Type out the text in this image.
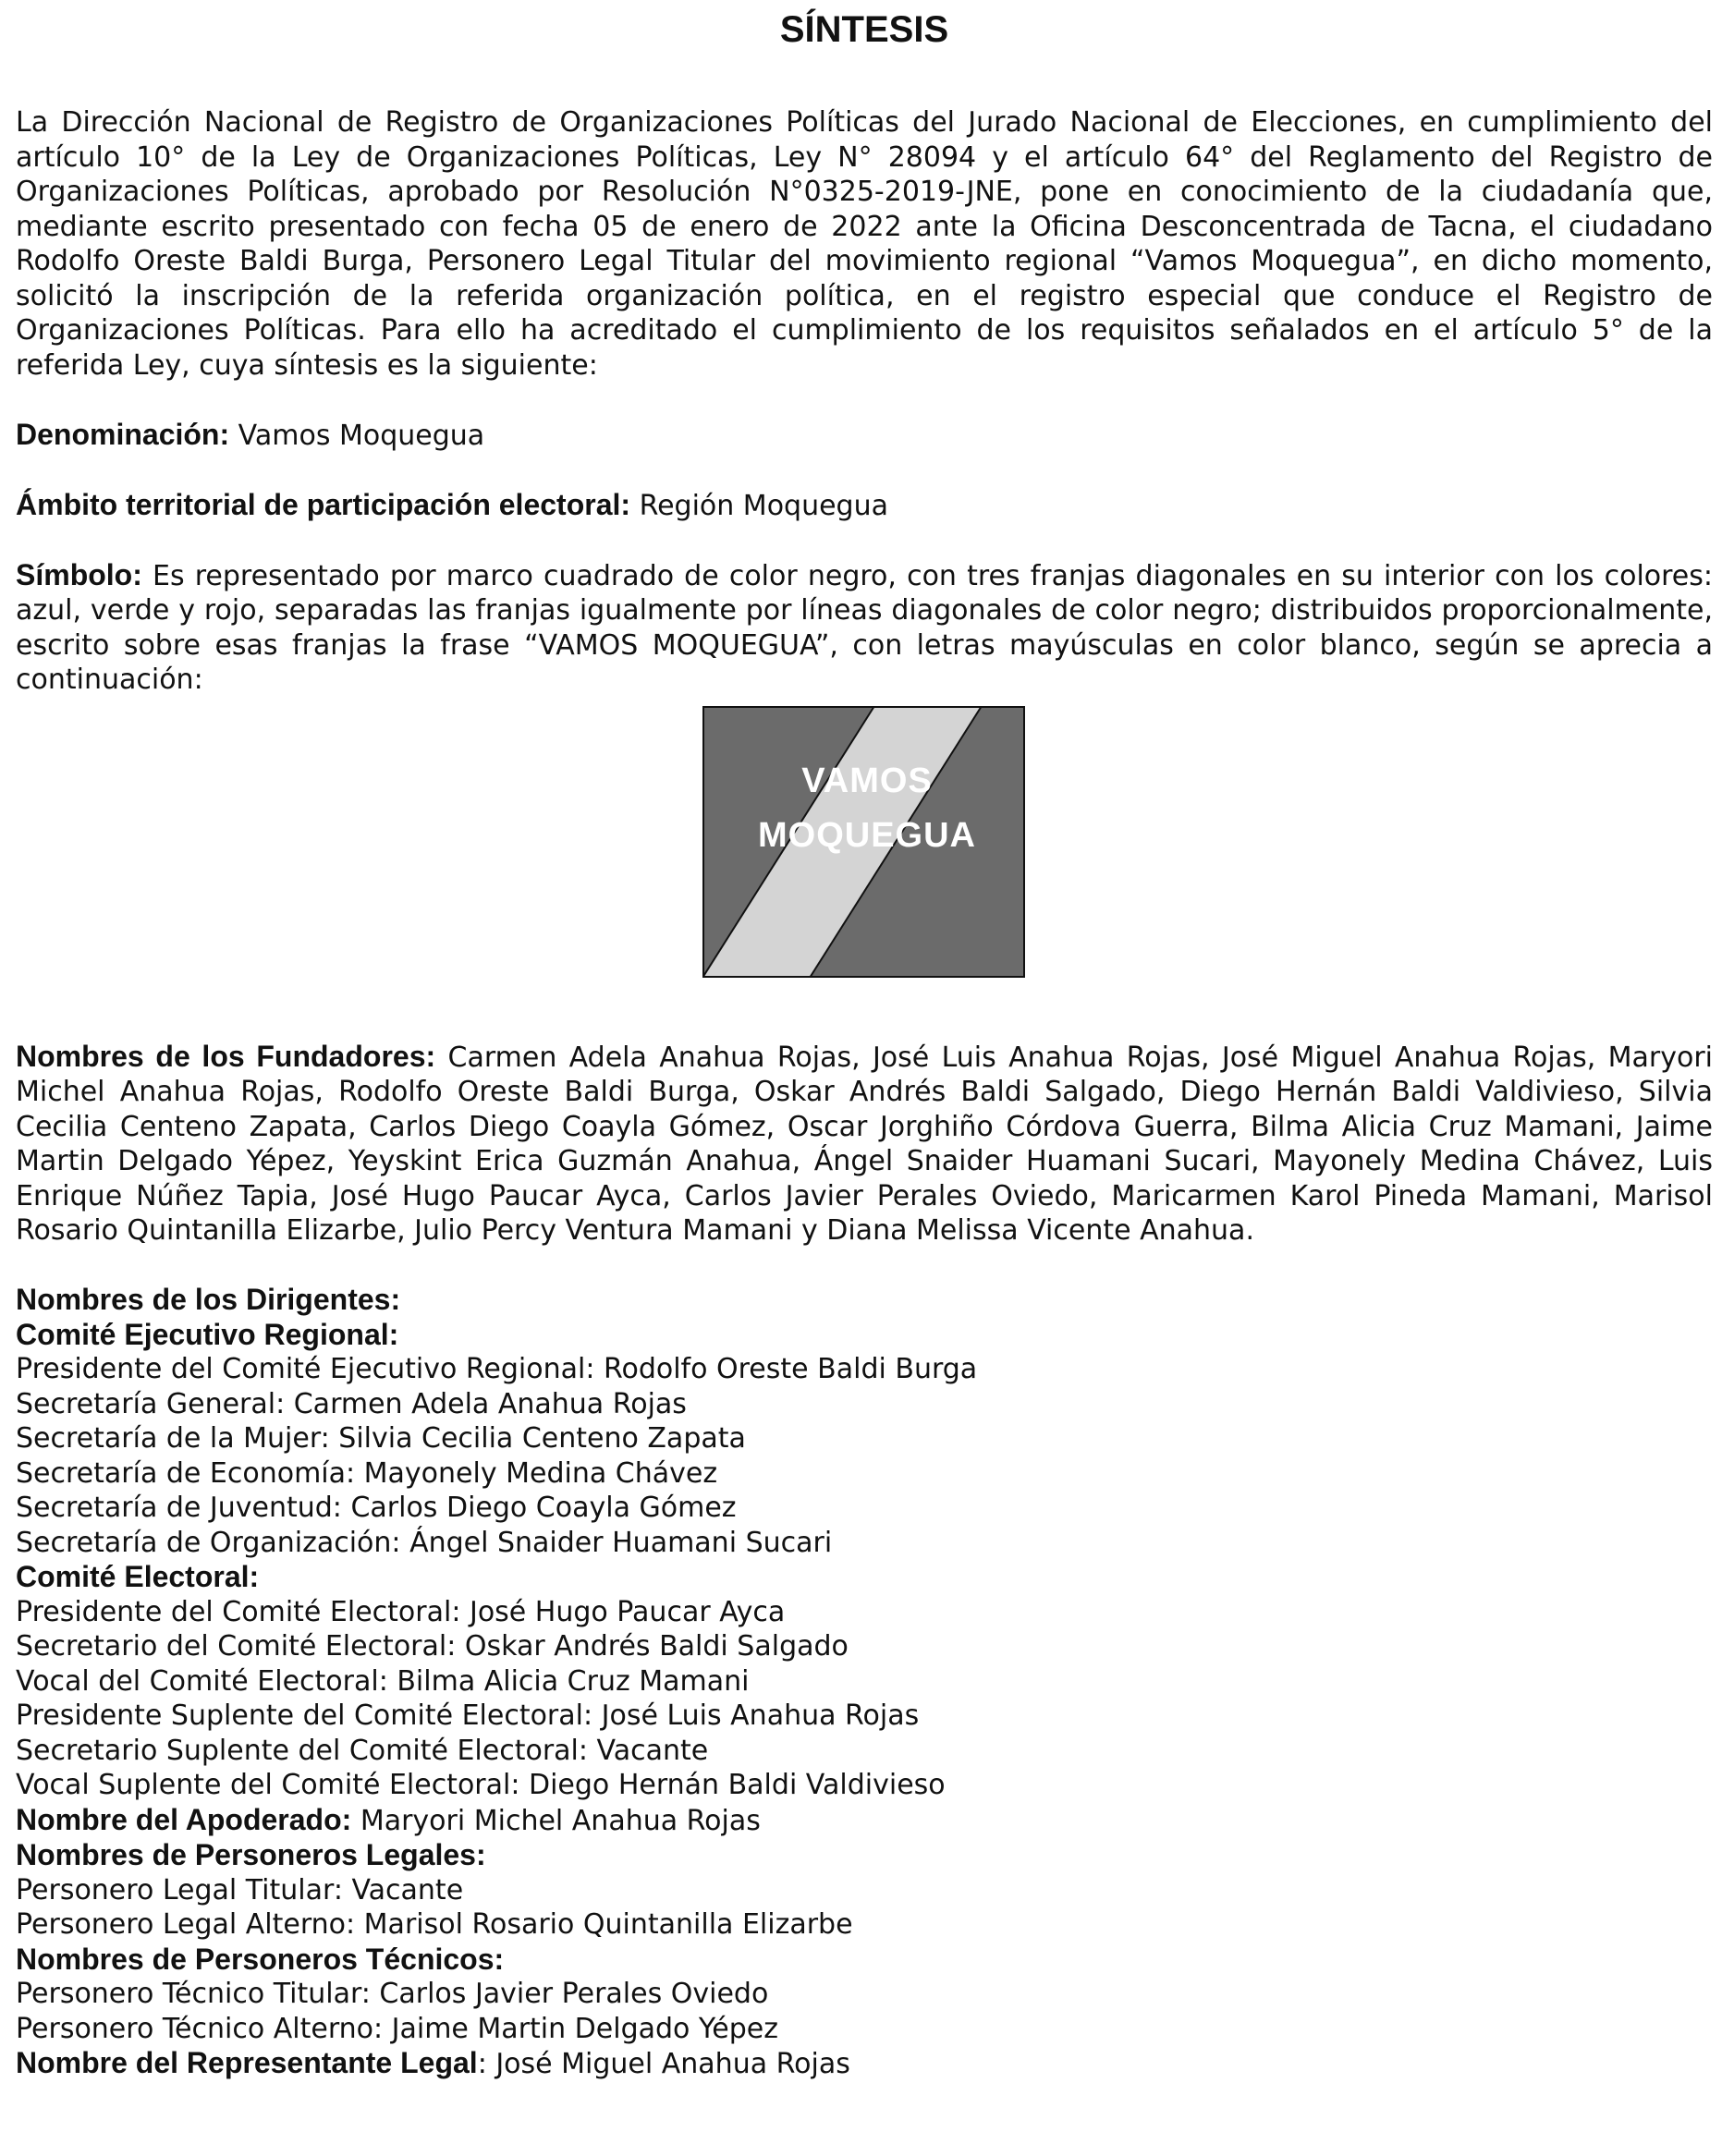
SÍNTESIS

La Dirección Nacional de Registro de Organizaciones Políticas del Jurado Nacional de Elecciones, en cumplimiento del artículo 10° de la Ley de Organizaciones Políticas, Ley N° 28094 y el artículo 64° del Reglamento del Registro de Organizaciones Políticas, aprobado por Resolución N°0325-2019-JNE, pone en conocimiento de la ciudadanía que, mediante escrito presentado con fecha 05 de enero de 2022 ante la Oficina Desconcentrada de Tacna, el ciudadano Rodolfo Oreste Baldi Burga, Personero Legal Titular del movimiento regional “Vamos Moquegua”, en dicho momento, solicitó la inscripción de la referida organización política, en el registro especial que conduce el Registro de Organizaciones Políticas. Para ello ha acreditado el cumplimiento de los requisitos señalados en el artículo 5° de la referida Ley, cuya síntesis es la siguiente:

Denominación: Vamos Moquegua

Ámbito territorial de participación electoral: Región Moquegua

Símbolo: Es representado por marco cuadrado de color negro, con tres franjas diagonales en su interior con los colores: azul, verde y rojo, separadas las franjas igualmente por líneas diagonales de color negro; distribuidos proporcionalmente, escrito sobre esas franjas la frase “VAMOS MOQUEGUA”, con letras mayúsculas en color blanco, según se aprecia a continuación:

VAMOS
MOQUEGUA

Nombres de los Fundadores: Carmen Adela Anahua Rojas, José Luis Anahua Rojas, José Miguel Anahua Rojas, Maryori Michel Anahua Rojas, Rodolfo Oreste Baldi Burga, Oskar Andrés Baldi Salgado, Diego Hernán Baldi Valdivieso, Silvia Cecilia Centeno Zapata, Carlos Diego Coayla Gómez, Oscar Jorghiño Córdova Guerra, Bilma Alicia Cruz Mamani, Jaime Martin Delgado Yépez, Yeyskint Erica Guzmán Anahua, Ángel Snaider Huamani Sucari, Mayonely Medina Chávez, Luis Enrique Núñez Tapia, José Hugo Paucar Ayca, Carlos Javier Perales Oviedo, Maricarmen Karol Pineda Mamani, Marisol Rosario Quintanilla Elizarbe, Julio Percy Ventura Mamani y Diana Melissa Vicente Anahua.

Nombres de los Dirigentes:

Comité Ejecutivo Regional:

Presidente del Comité Ejecutivo Regional: Rodolfo Oreste Baldi Burga

Secretaría General: Carmen Adela Anahua Rojas

Secretaría de la Mujer: Silvia Cecilia Centeno Zapata

Secretaría de Economía: Mayonely Medina Chávez

Secretaría de Juventud: Carlos Diego Coayla Gómez

Secretaría de Organización: Ángel Snaider Huamani Sucari

Comité Electoral:

Presidente del Comité Electoral: José Hugo Paucar Ayca

Secretario del Comité Electoral: Oskar Andrés Baldi Salgado

Vocal del Comité Electoral: Bilma Alicia Cruz Mamani

Presidente Suplente del Comité Electoral: José Luis Anahua Rojas

Secretario Suplente del Comité Electoral: Vacante

Vocal Suplente del Comité Electoral: Diego Hernán Baldi Valdivieso

Nombre del Apoderado: Maryori Michel Anahua Rojas

Nombres de Personeros Legales:

Personero Legal Titular: Vacante

Personero Legal Alterno: Marisol Rosario Quintanilla Elizarbe

Nombres de Personeros Técnicos:

Personero Técnico Titular: Carlos Javier Perales Oviedo

Personero Técnico Alterno: Jaime Martin Delgado Yépez

Nombre del Representante Legal: José Miguel Anahua Rojas
